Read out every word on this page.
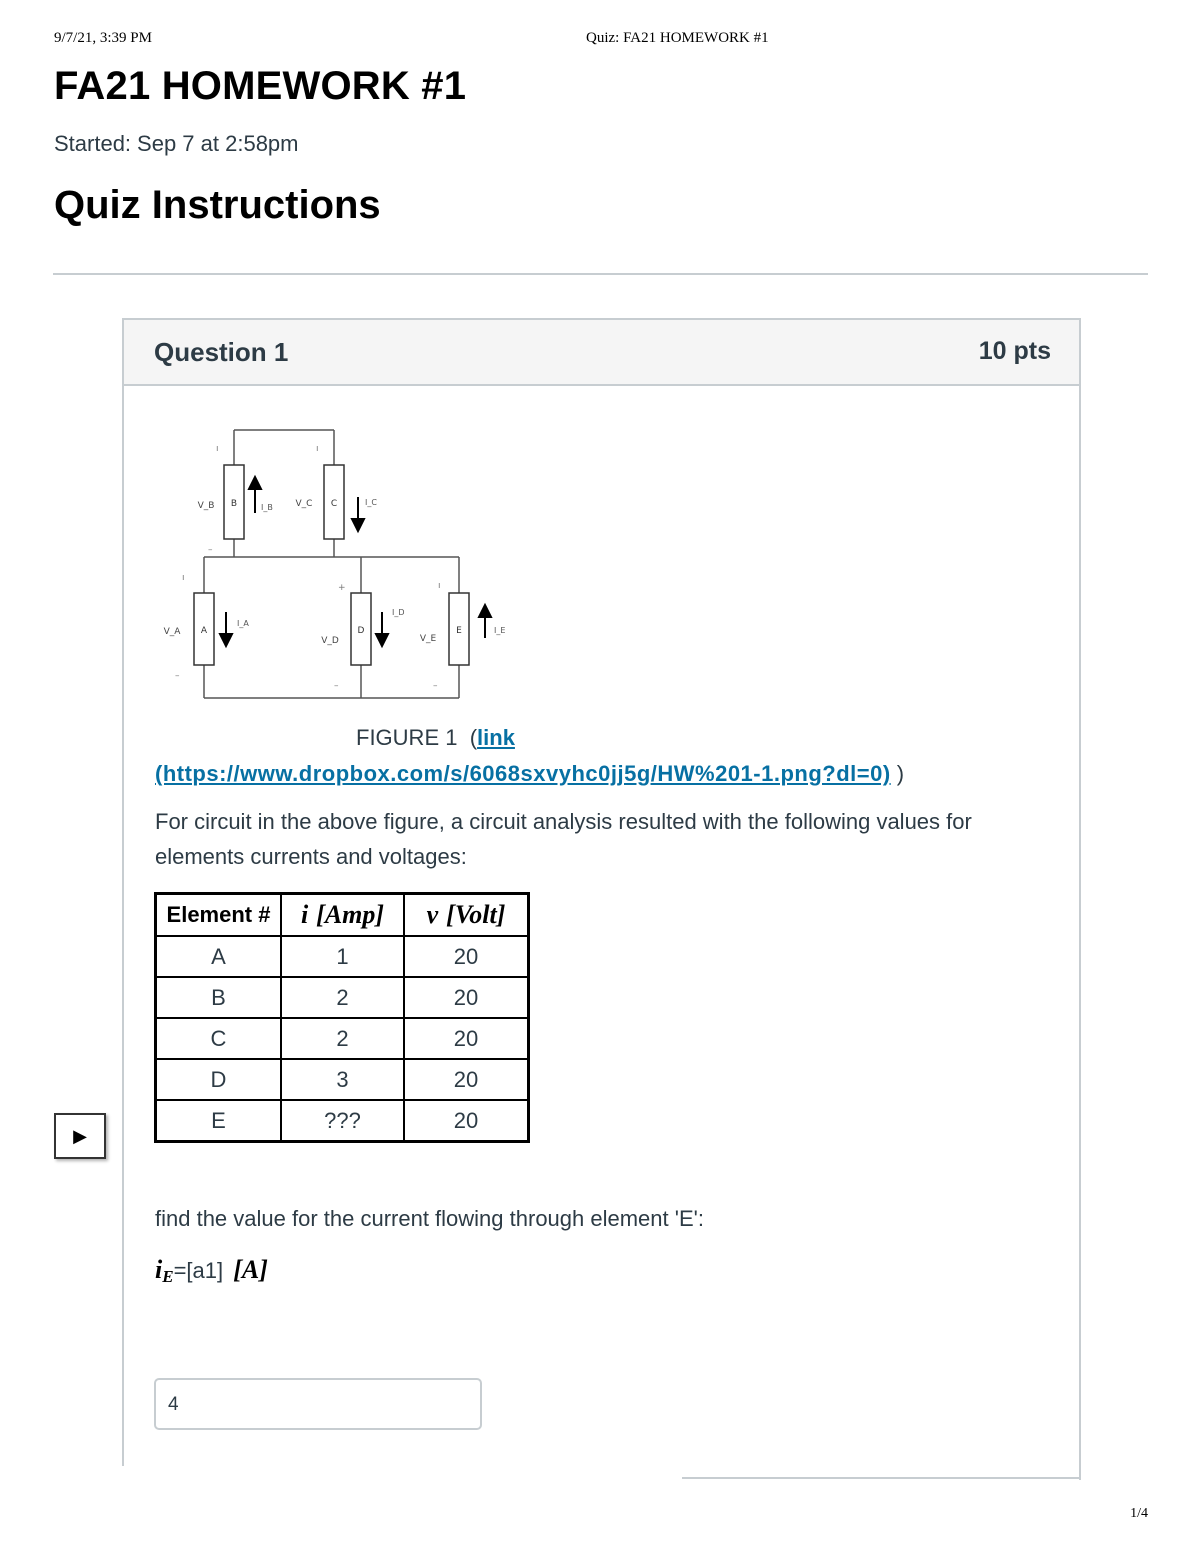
9/7/21, 3:39 PM	Quiz: FA21 HOMEWORK #1
FA21 HOMEWORK #1
Started: Sep 7 at 2:58pm
Quiz Instructions
Question 1	10 pts
B	C
A	D	E
V_B	V_C
V_A
V_D	V_E
ı	ı
ı
+	ı
–
–
–	–
I_B
I_C
I_A
I_D
I_E
FIGURE 1  (link
(https://www.dropbox.com/s/6068sxvyhc0jj5g/HW%201-1.png?dl=0) )
For circuit in the above figure, a circuit analysis resulted with the following values for elements currents and voltages:
Element #	i [Amp]	v [Volt]
A	1	20
B	2	20
C	2	20
D	3	20
E	???	20
find the value for the current flowing through element 'E':
$i_E=[a1]$ [A]
4
▶
1/4
